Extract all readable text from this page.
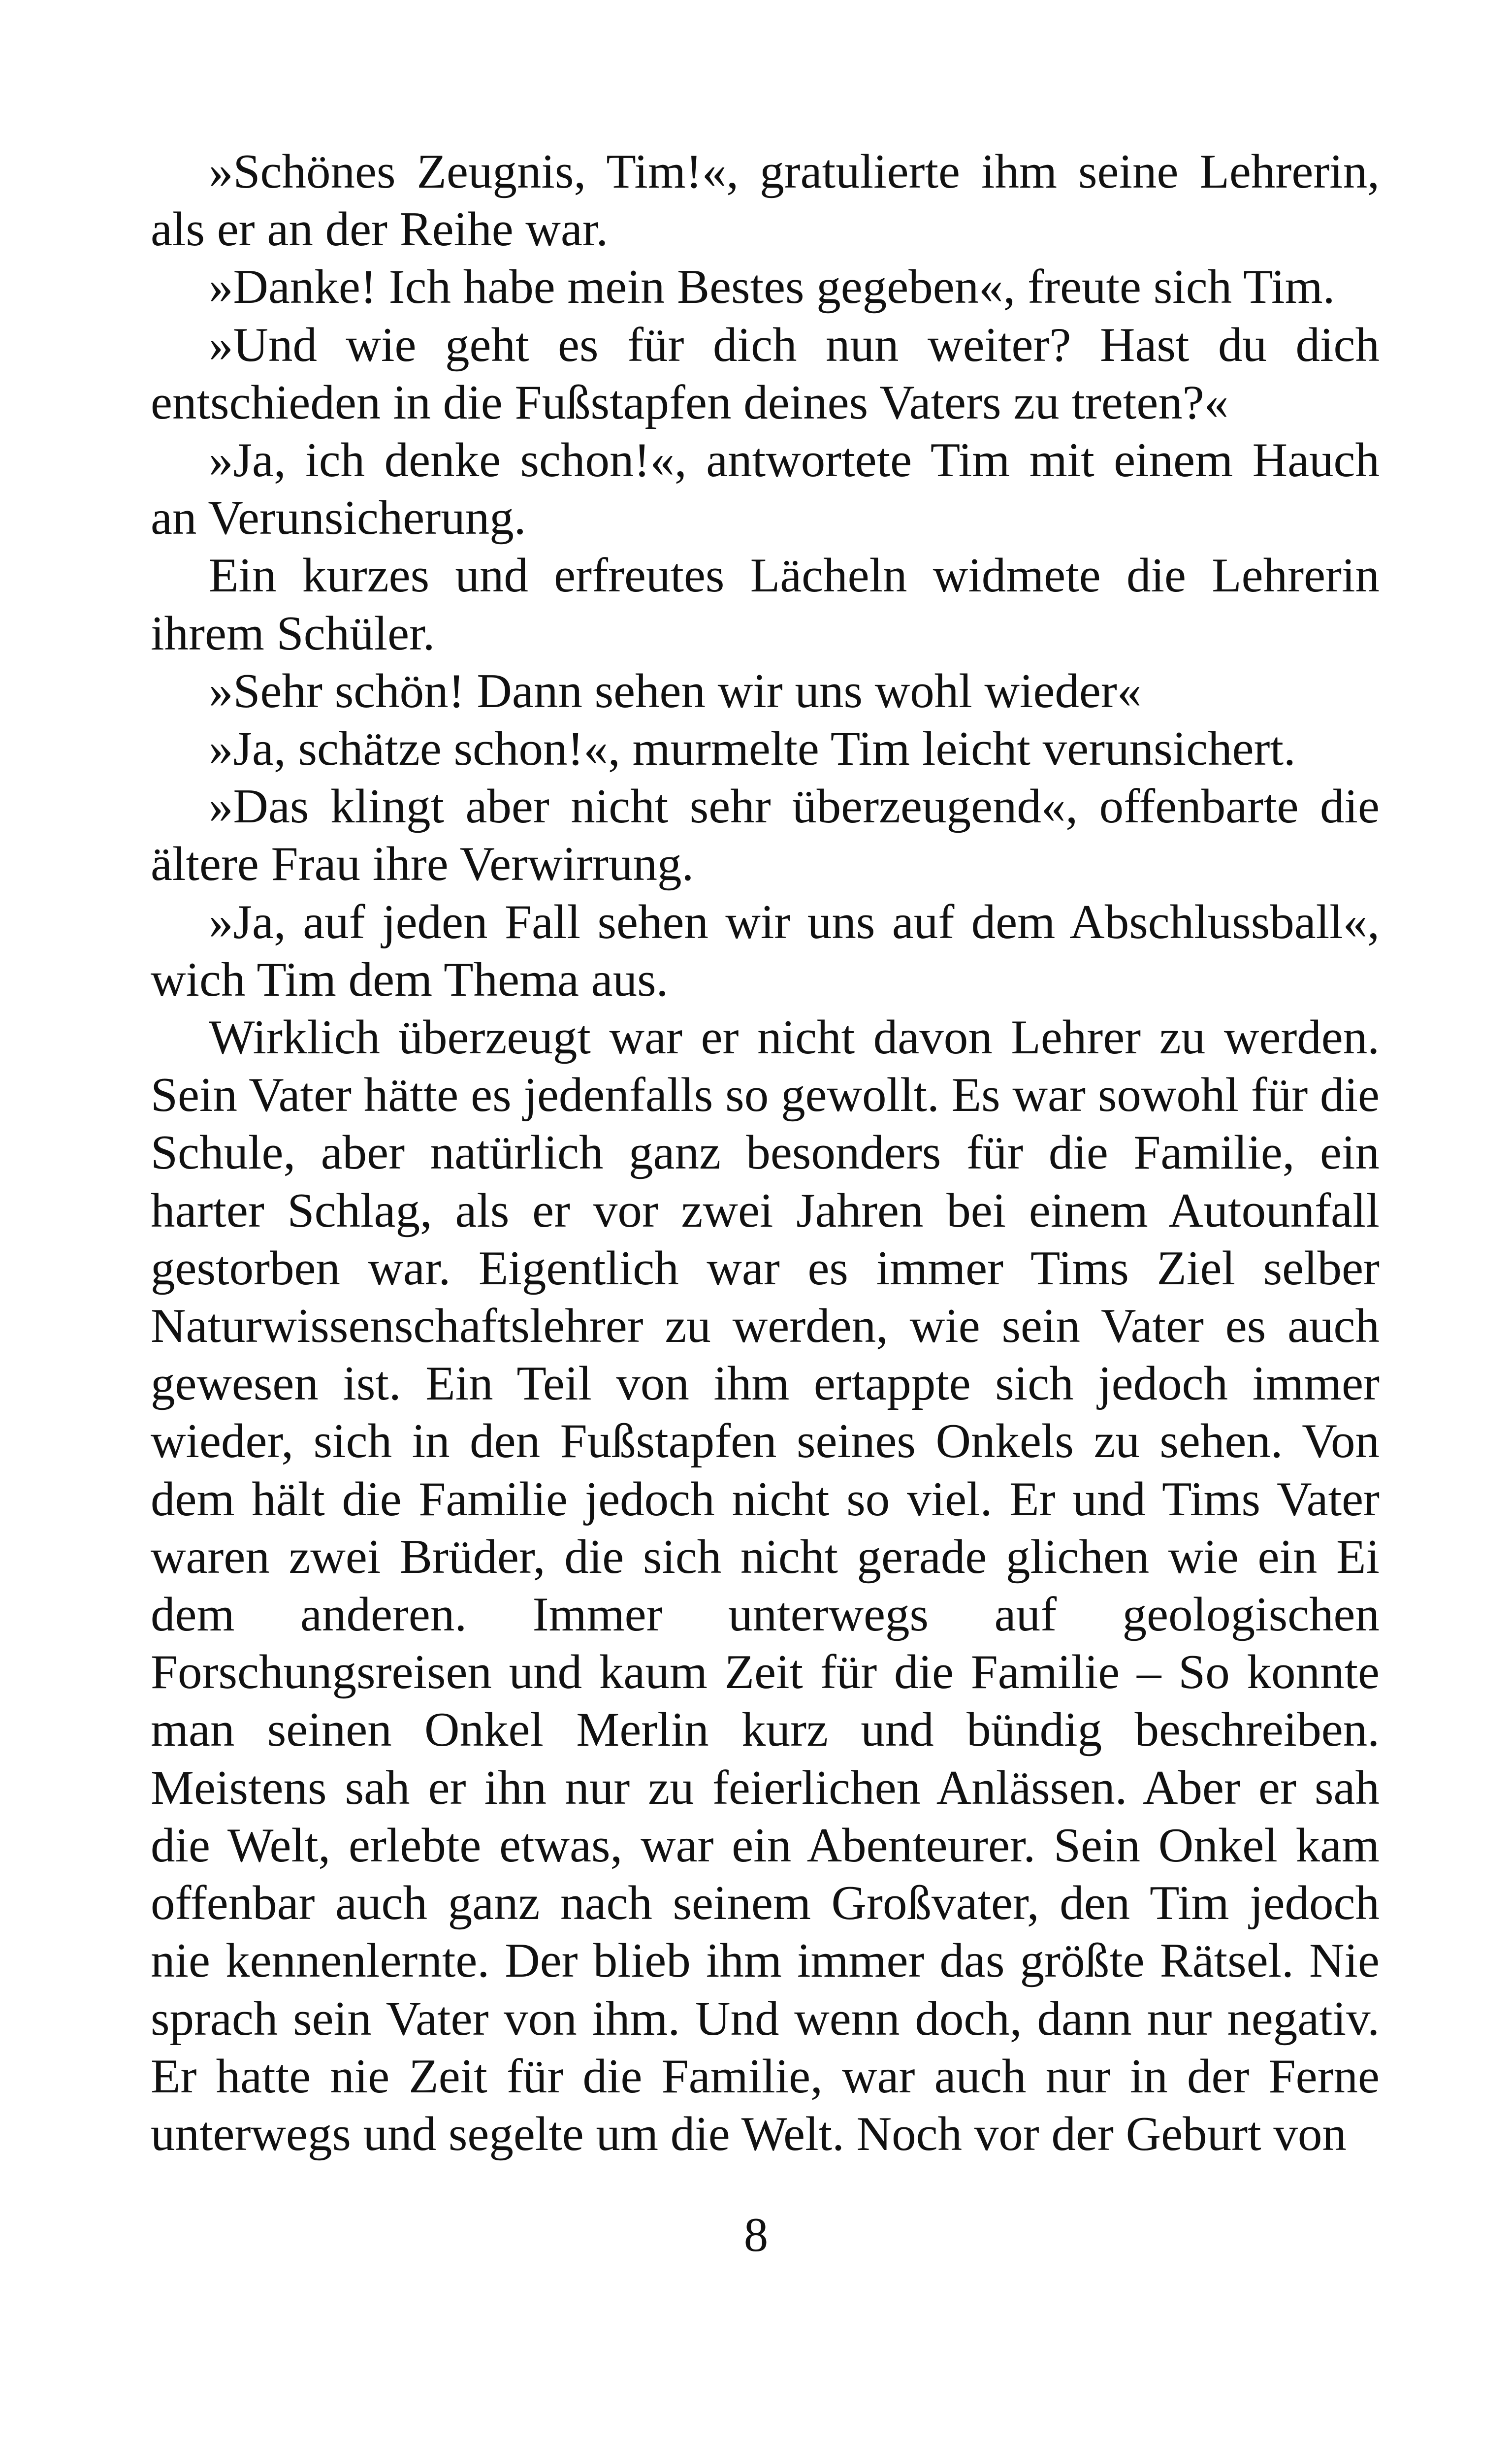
»Schönes Zeugnis, Tim!«, gratulierte ihm seine Lehrerin, als er an der Reihe war.

»Danke! Ich habe mein Bestes gegeben«, freute sich Tim.

»Und wie geht es für dich nun weiter? Hast du dich entschieden in die Fußstapfen deines Vaters zu treten?«

»Ja, ich denke schon!«, antwortete Tim mit einem Hauch an Verunsicherung.

Ein kurzes und erfreutes Lächeln widmete die Lehrerin ihrem Schüler.

»Sehr schön! Dann sehen wir uns wohl wieder«

»Ja, schätze schon!«, murmelte Tim leicht verunsichert.

»Das klingt aber nicht sehr überzeugend«, offenbarte die ältere Frau ihre Verwirrung.

»Ja, auf jeden Fall sehen wir uns auf dem Abschlussball«, wich Tim dem Thema aus.

Wirklich überzeugt war er nicht davon Lehrer zu werden. Sein Vater hätte es jedenfalls so gewollt. Es war sowohl für die Schule, aber natürlich ganz besonders für die Familie, ein harter Schlag, als er vor zwei Jahren bei einem Autounfall gestorben war. Eigentlich war es immer Tims Ziel selber Naturwissenschaftslehrer zu werden, wie sein Vater es auch gewesen ist. Ein Teil von ihm ertappte sich jedoch immer wieder, sich in den Fußstapfen seines Onkels zu sehen. Von dem hält die Familie jedoch nicht so viel. Er und Tims Vater waren zwei Brüder, die sich nicht gerade glichen wie ein Ei dem anderen. Immer unterwegs auf geologischen Forschungsreisen und kaum Zeit für die Familie – So konnte man seinen Onkel Merlin kurz und bündig beschreiben. Meistens sah er ihn nur zu feierlichen Anlässen. Aber er sah die Welt, erlebte etwas, war ein Abenteurer. Sein Onkel kam offenbar auch ganz nach seinem Großvater, den Tim jedoch nie kennenlernte. Der blieb ihm immer das größte Rätsel. Nie sprach sein Vater von ihm. Und wenn doch, dann nur negativ. Er hatte nie Zeit für die Familie, war auch nur in der Ferne unterwegs und segelte um die Welt. Noch vor der Geburt von

8
